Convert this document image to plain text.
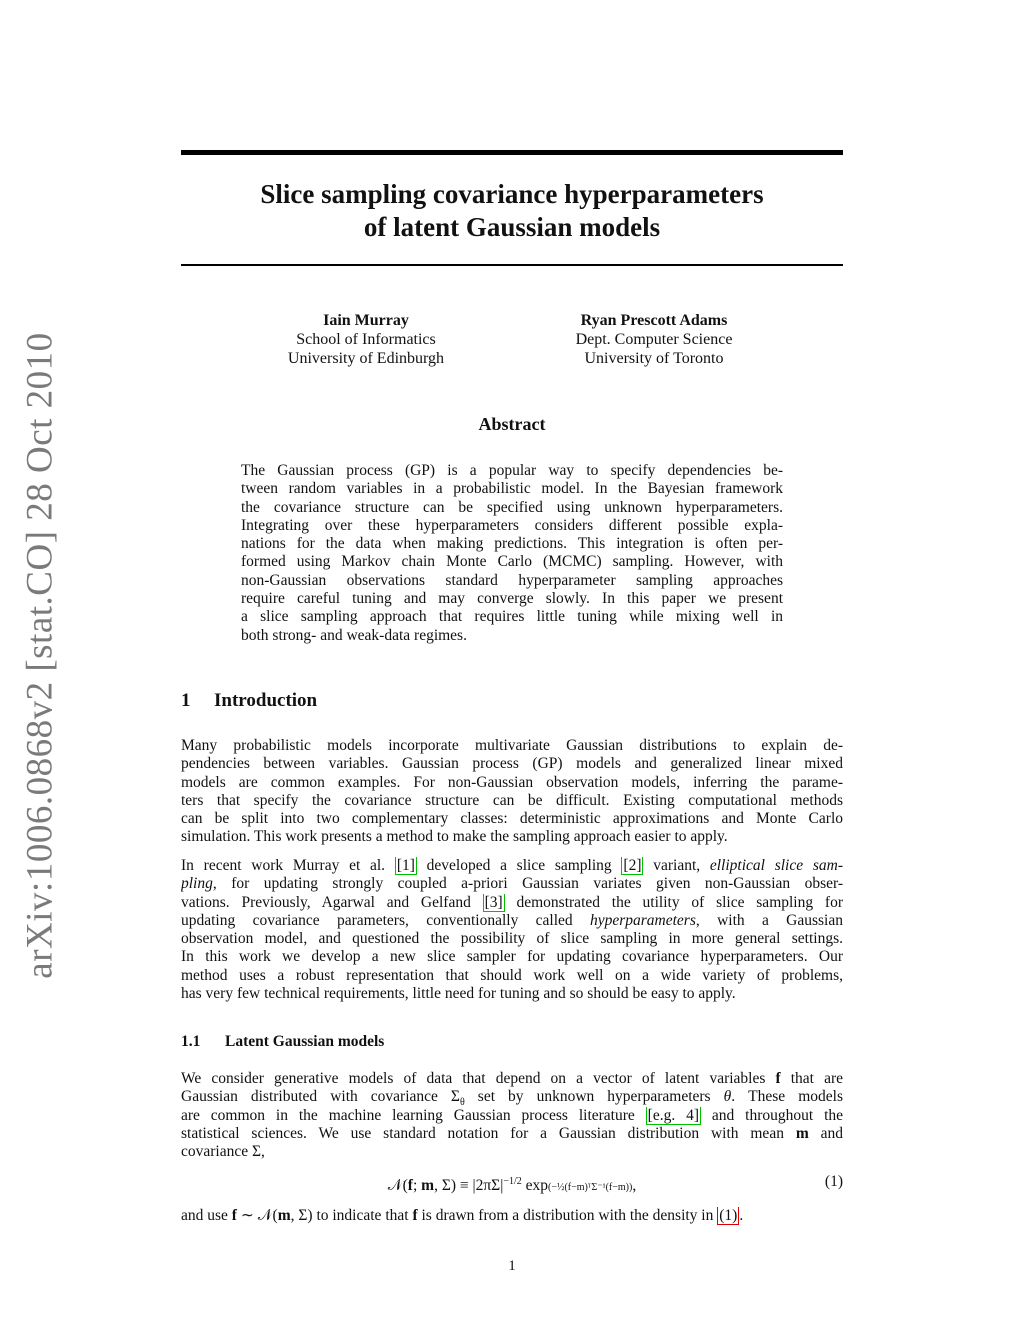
arXiv:1006.0868v2 [stat.CO] 28 Oct 2010
Slice sampling covariance hyperparameters
of latent Gaussian models
Iain Murray
School of Informatics
University of Edinburgh
Ryan Prescott Adams
Dept. Computer Science
University of Toronto
Abstract
The Gaussian process (GP) is a popular way to specify dependencies be-
tween random variables in a probabilistic model. In the Bayesian framework
the covariance structure can be specified using unknown hyperparameters.
Integrating over these hyperparameters considers different possible expla-
nations for the data when making predictions. This integration is often per-
formed using Markov chain Monte Carlo (MCMC) sampling. However, with
non-Gaussian observations standard hyperparameter sampling approaches
require careful tuning and may converge slowly. In this paper we present
a slice sampling approach that requires little tuning while mixing well in
both strong- and weak-data regimes.
1 Introduction
Many probabilistic models incorporate multivariate Gaussian distributions to explain de-
pendencies between variables. Gaussian process (GP) models and generalized linear mixed
models are common examples. For non-Gaussian observation models, inferring the parame-
ters that specify the covariance structure can be difficult. Existing computational methods
can be split into two complementary classes: deterministic approximations and Monte Carlo
simulation. This work presents a method to make the sampling approach easier to apply.
In recent work Murray et al. [1] developed a slice sampling [2] variant, elliptical slice sam-
pling, for updating strongly coupled a-priori Gaussian variates given non-Gaussian obser-
vations. Previously, Agarwal and Gelfand [3] demonstrated the utility of slice sampling for
updating covariance parameters, conventionally called hyperparameters, with a Gaussian
observation model, and questioned the possibility of slice sampling in more general settings.
In this work we develop a new slice sampler for updating covariance hyperparameters. Our
method uses a robust representation that should work well on a wide variety of problems,
has very few technical requirements, little need for tuning and so should be easy to apply.
1.1 Latent Gaussian models
We consider generative models of data that depend on a vector of latent variables f that are
Gaussian distributed with covariance $\Sigma_\theta$ set by unknown hyperparameters θ. These models
are common in the machine learning Gaussian process literature [e.g. 4] and throughout the
statistical sciences. We use standard notation for a Gaussian distribution with mean m and
covariance Σ,
𝒩(f; m, $\Sigma) \equiv |2\pi\Sigma|^{-1/2}$ exp(−½(f−m)ᵀΣ⁻¹(f−m)),	(1)
and use f ∼ 𝒩(m, Σ) to indicate that f is drawn from a distribution with the density in (1) .
1
